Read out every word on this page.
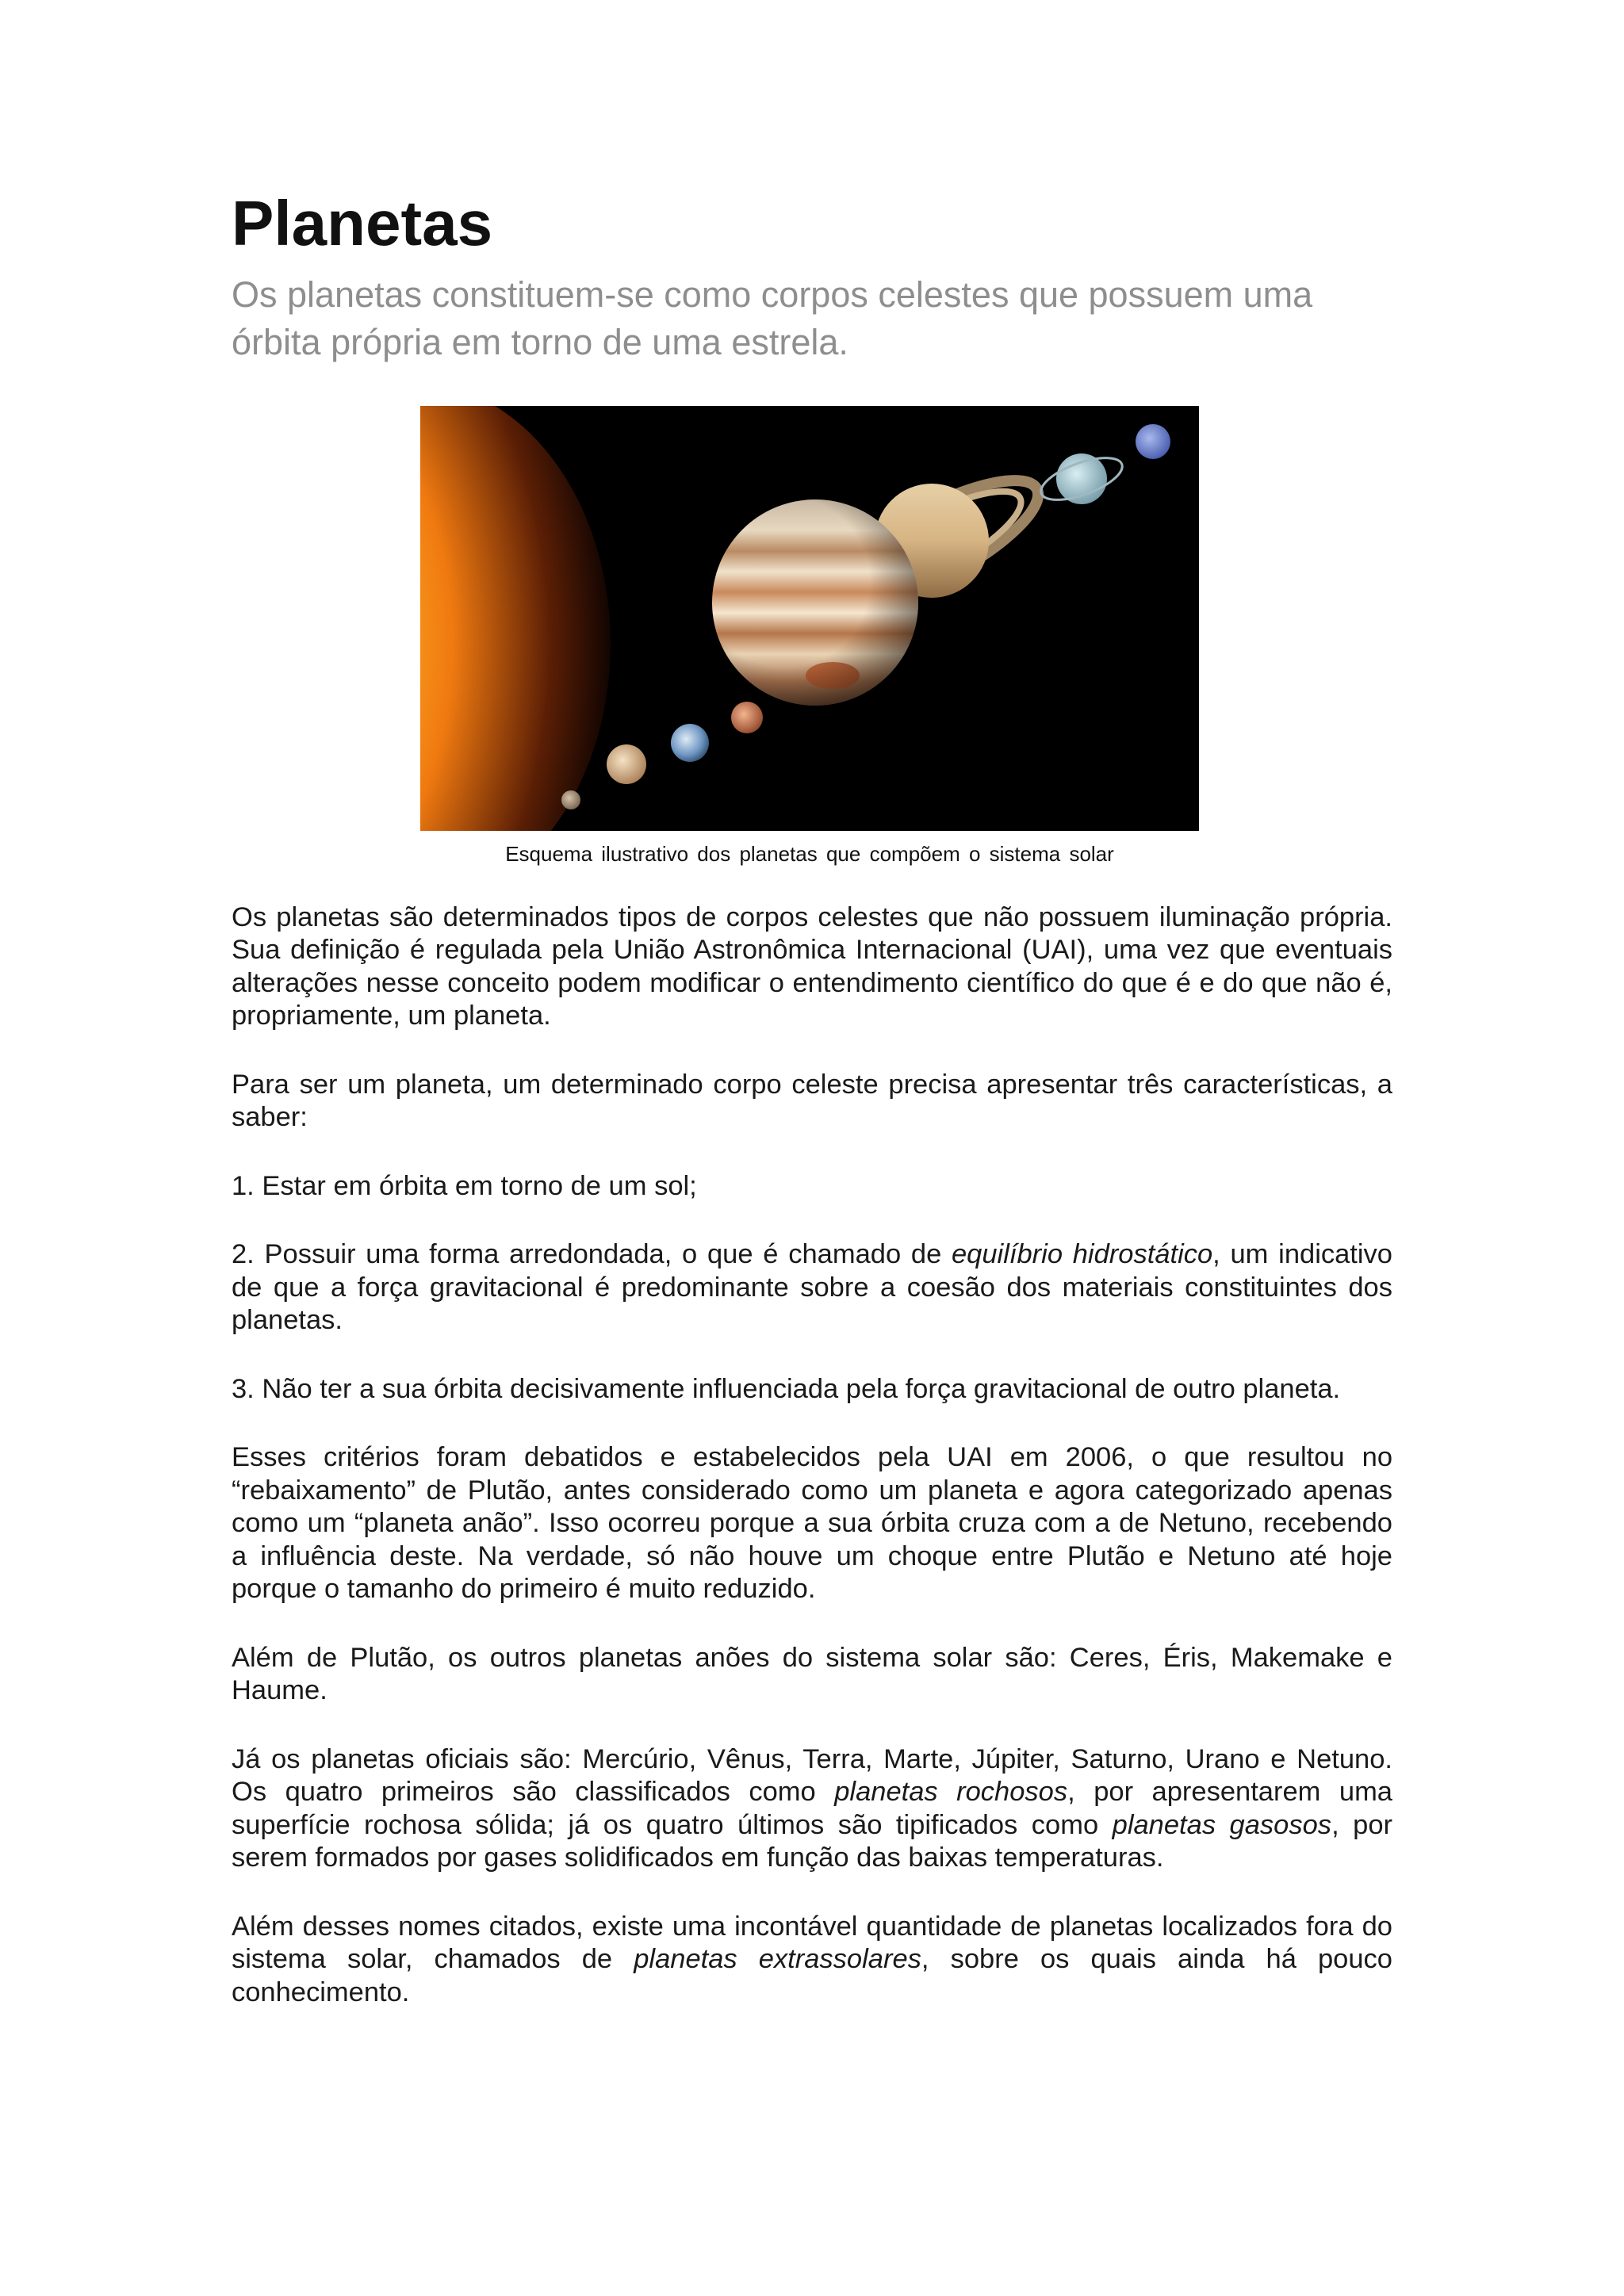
Planetas
Os planetas constituem-se como corpos celestes que possuem uma órbita própria em torno de uma estrela.
Esquema ilustrativo dos planetas que compõem o sistema solar

Os planetas são determinados tipos de corpos celestes que não possuem iluminação própria. Sua definição é regulada pela União Astronômica Internacional (UAI), uma vez que eventuais alterações nesse conceito podem modificar o entendimento científico do que é e do que não é, propriamente, um planeta.

Para ser um planeta, um determinado corpo celeste precisa apresentar três características, a saber:

1. Estar em órbita em torno de um sol;

2. Possuir uma forma arredondada, o que é chamado de equilíbrio hidrostático, um indicativo de que a força gravitacional é predominante sobre a coesão dos materiais constituintes dos planetas.

3. Não ter a sua órbita decisivamente influenciada pela força gravitacional de outro planeta.

Esses critérios foram debatidos e estabelecidos pela UAI em 2006, o que resultou no “rebaixamento” de Plutão, antes considerado como um planeta e agora categorizado apenas como um “planeta anão”. Isso ocorreu porque a sua órbita cruza com a de Netuno, recebendo a influência deste. Na verdade, só não houve um choque entre Plutão e Netuno até hoje porque o tamanho do primeiro é muito reduzido.

Além de Plutão, os outros planetas anões do sistema solar são: Ceres, Éris, Makemake e Haume.

Já os planetas oficiais são: Mercúrio, Vênus, Terra, Marte, Júpiter, Saturno, Urano e Netuno. Os quatro primeiros são classificados como planetas rochosos, por apresentarem uma superfície rochosa sólida; já os quatro últimos são tipificados como planetas gasosos, por serem formados por gases solidificados em função das baixas temperaturas.

Além desses nomes citados, existe uma incontável quantidade de planetas localizados fora do sistema solar, chamados de planetas extrassolares, sobre os quais ainda há pouco conhecimento.
